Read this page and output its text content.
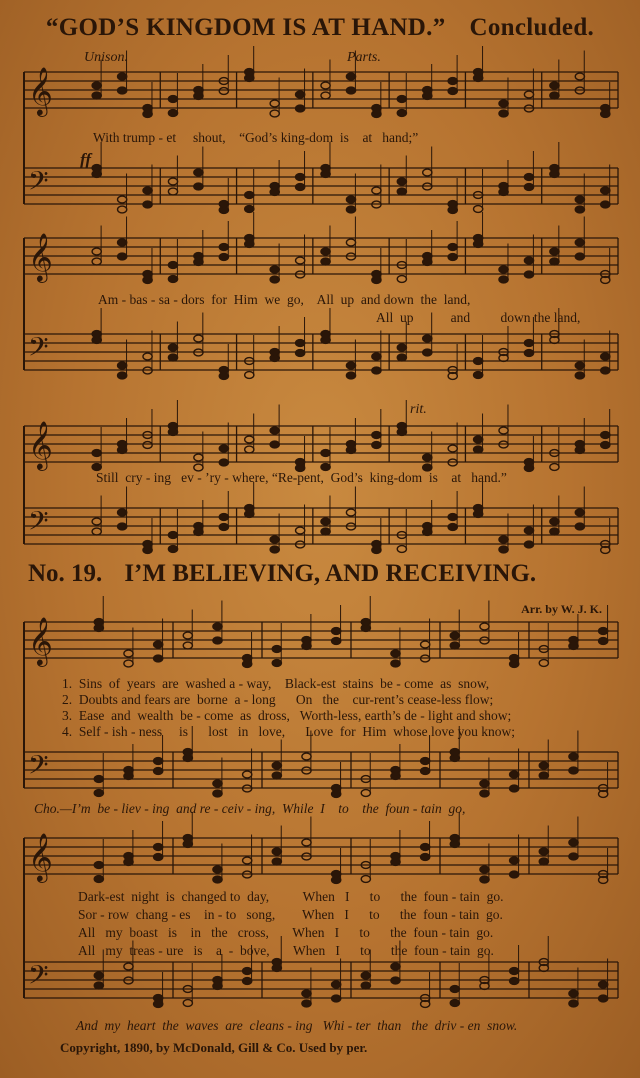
𝄞
𝄢
𝄞
𝄢
𝄞
𝄢
𝄞
𝄢
𝄞
𝄢
“GOD’S KINGDOM IS AT HAND.” Concluded.
Unison.	Parts.
ff
With trump - et     shout,    “God’s king-dom  is    at   hand;”
Am - bas - sa - dors  for  Him  we  go,    All  up  and down  the  land,
All  up           and         down the land,
rit.
Still  cry - ing   ev - ’ry - where, “Re-pent,  God’s  king-dom  is    at   hand.”
No. 19. I’M BELIEVING, AND RECEIVING.
Arr. by W. J. K.
1.  Sins  of  years  are  washed a - way,    Black-est  stains  be - come  as  snow,
2.  Doubts and fears are  borne  a - long      On   the    cur-rent’s cease-less flow;
3.  Ease  and  wealth  be - come  as  dross,   Worth-less, earth’s de - light and show;
4.  Self - ish - ness     is      lost   in   love,      Love  for  Him  whose love you know;
Cho.—I’m  be - liev - ing  and re - ceiv - ing,  While  I    to    the  foun - tain  go,
Dark-est  night  is  changed to  day,          When   I      to      the  foun - tain  go.
Sor - row  chang - es    in - to   song,        When   I      to      the  foun - tain  go.
All   my  boast   is    in   the   cross,       When   I      to      the  foun - tain  go.
All   my  treas - ure   is    a  -  bove,       When   I      to      the  foun - tain  go.
And  my  heart  the  waves  are  cleans - ing   Whi - ter  than   the  driv - en  snow.
Copyright, 1890, by McDonald, Gill & Co. Used by per.
